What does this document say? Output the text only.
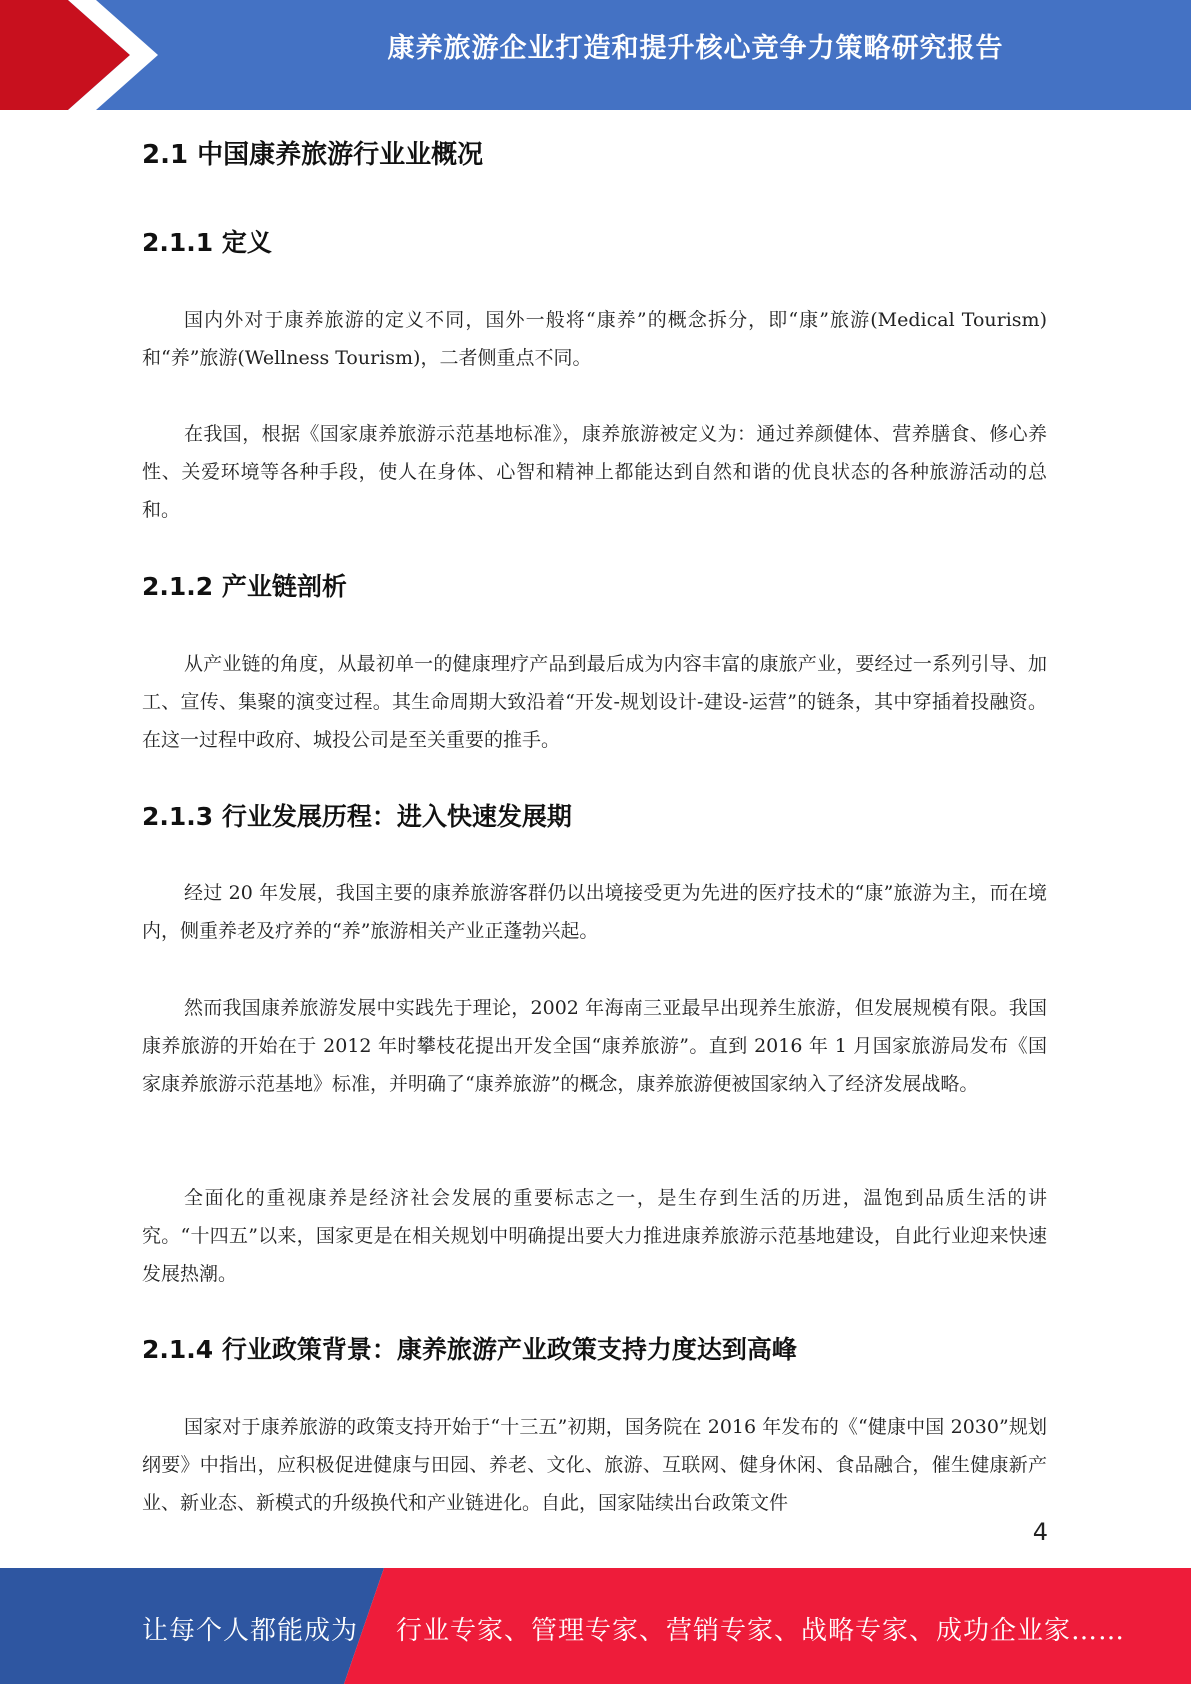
康养旅游企业打造和提升核心竞争力策略研究报告
2.1 中国康养旅游行业业概况
2.1.1 定义

国内外对于康养旅游的定义不同，国外一般将“康养”的概念拆分，即“康”旅游(Medical Tourism)和“养”旅游(Wellness Tourism)，二者侧重点不同。

在我国，根据《国家康养旅游示范基地标准》，康养旅游被定义为：通过养颜健体、营养膳食、修心养性、关爱环境等各种手段，使人在身体、心智和精神上都能达到自然和谐的优良状态的各种旅游活动的总和。

2.1.2 产业链剖析

从产业链的角度，从最初单一的健康理疗产品到最后成为内容丰富的康旅产业，要经过一系列引导、加工、宣传、集聚的演变过程。其生命周期大致沿着“开发-规划设计-建设-运营”的链条，其中穿插着投融资。在这一过程中政府、城投公司是至关重要的推手。

2.1.3 行业发展历程：进入快速发展期

经过 20 年发展，我国主要的康养旅游客群仍以出境接受更为先进的医疗技术的“康”旅游为主，而在境内，侧重养老及疗养的“养”旅游相关产业正蓬勃兴起。

然而我国康养旅游发展中实践先于理论，2002 年海南三亚最早出现养生旅游，但发展规模有限。我国康养旅游的开始在于 2012 年时攀枝花提出开发全国“康养旅游”。直到 2016 年 1 月国家旅游局发布《国家康养旅游示范基地》标准，并明确了“康养旅游”的概念，康养旅游便被国家纳入了经济发展战略。

全面化的重视康养是经济社会发展的重要标志之一，是生存到生活的历进，温饱到品质生活的讲究。“十四五”以来，国家更是在相关规划中明确提出要大力推进康养旅游示范基地建设，自此行业迎来快速发展热潮。

2.1.4 行业政策背景：康养旅游产业政策支持力度达到高峰

国家对于康养旅游的政策支持开始于“十三五”初期，国务院在 2016 年发布的《“健康中国 2030”规划纲要》中指出，应积极促进健康与田园、养老、文化、旅游、互联网、健身休闲、食品融合，催生健康新产业、新业态、新模式的升级换代和产业链进化。自此，国家陆续出台政策文件

4
让每个人都能成为 行业专家、管理专家、营销专家、战略专家、成功企业家……
